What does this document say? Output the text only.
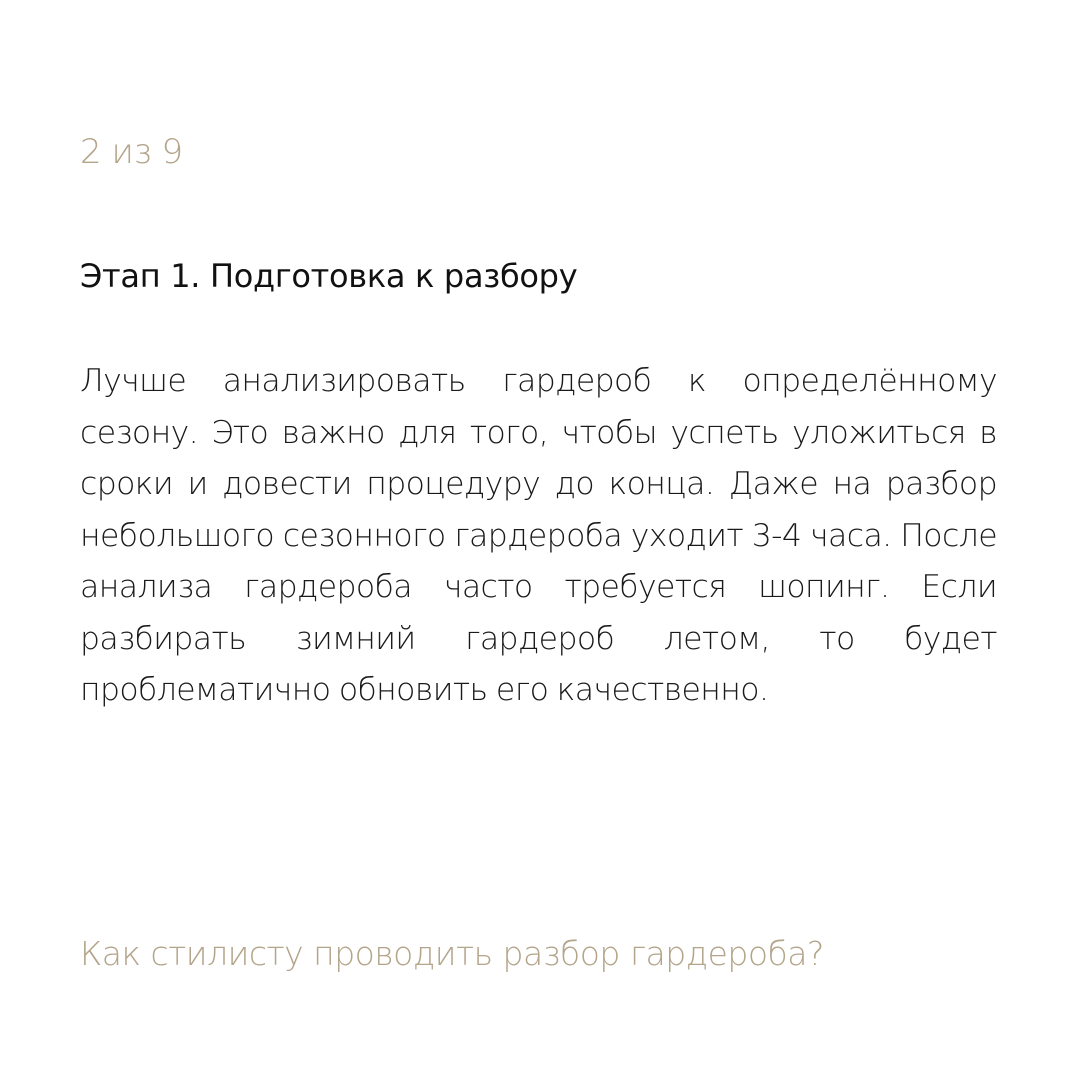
2 из 9
Этап 1. Подготовка к разбору

Лучше анализировать гардероб к определённому сезону. Это важно для того, чтобы успеть уложиться в сроки и довести процедуру до конца. Даже на разбор небольшого сезонного гардероба уходит 3-4 часа. После анализа гардероба часто требуется шопинг. Если разбирать зимний гардероб летом, то будет проблематично обновить его качественно.

Как стилисту проводить разбор гардероба?
